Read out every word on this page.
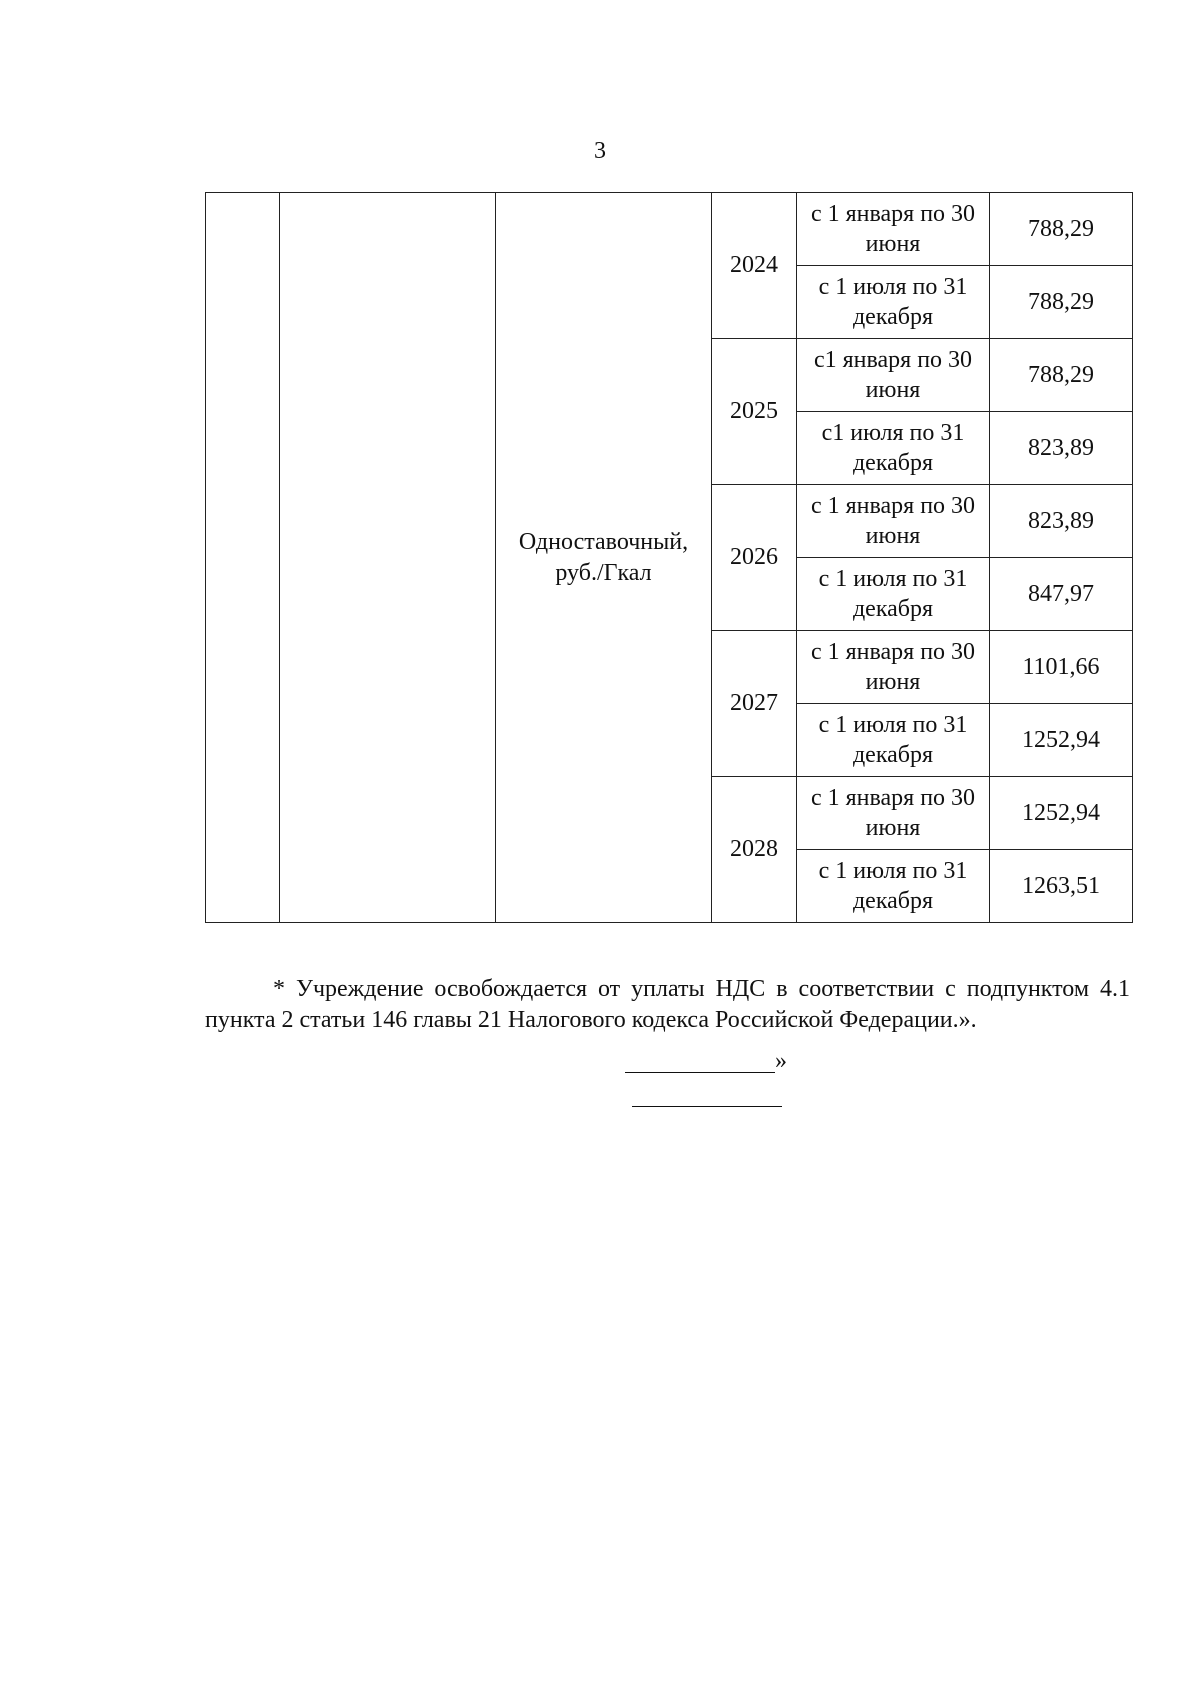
3
		Одноставочный, руб./Гкал	2024	с 1 января по 30 июня	788,29
				с 1 июля по 31 декабря	788,29
			2025	с1 января по 30 июня	788,29
				с1 июля по 31 декабря	823,89
			2026	с 1 января по 30 июня	823,89
				с 1 июля по 31 декабря	847,97
			2027	с 1 января по 30 июня	1101,66
				с 1 июля по 31 декабря	1252,94
			2028	с 1 января по 30 июня	1252,94
				с 1 июля по 31 декабря	1263,51

* Учреждение освобождается от уплаты НДС в соответствии с подпунктом 4.1 пункта 2 статьи 146 главы 21 Налогового кодекса Российской Федерации.».

»
